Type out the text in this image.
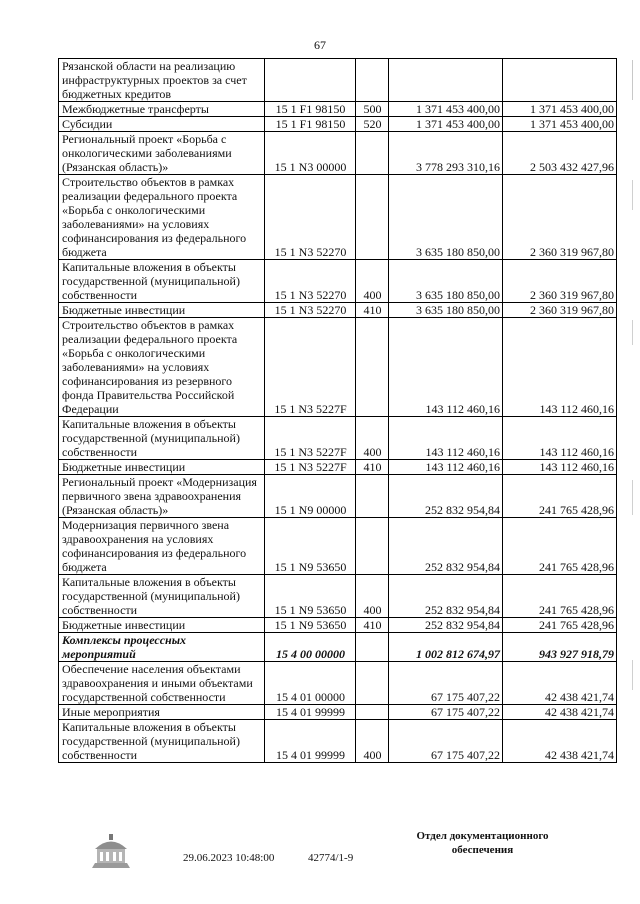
67
Рязанской области на реализацию инфраструктурных проектов за счет бюджетных кредитов				
Межбюджетные трансферты	15 1 F1 98150	500	1 371 453 400,00	1 371 453 400,00
Субсидии	15 1 F1 98150	520	1 371 453 400,00	1 371 453 400,00
Региональный проект «Борьба с онкологическими заболеваниями (Рязанская область)»	15 1 N3 00000		3 778 293 310,16	2 503 432 427,96
Строительство объектов в рамках реализации федерального проекта «Борьба с онкологическими заболеваниями» на условиях софинансирования из федерального бюджета	15 1 N3 52270		3 635 180 850,00	2 360 319 967,80
Капитальные вложения в объекты государственной (муниципальной) собственности	15 1 N3 52270	400	3 635 180 850,00	2 360 319 967,80
Бюджетные инвестиции	15 1 N3 52270	410	3 635 180 850,00	2 360 319 967,80
Строительство объектов в рамках реализации федерального проекта «Борьба с онкологическими заболеваниями» на условиях софинансирования из резервного фонда Правительства Российской Федерации	15 1 N3 5227F		143 112 460,16	143 112 460,16
Капитальные вложения в объекты государственной (муниципальной) собственности	15 1 N3 5227F	400	143 112 460,16	143 112 460,16
Бюджетные инвестиции	15 1 N3 5227F	410	143 112 460,16	143 112 460,16
Региональный проект «Модернизация первичного звена здравоохранения (Рязанская область)»	15 1 N9 00000		252 832 954,84	241 765 428,96
Модернизация первичного звена здравоохранения на условиях софинансирования из федерального бюджета	15 1 N9 53650		252 832 954,84	241 765 428,96
Капитальные вложения в объекты государственной (муниципальной) собственности	15 1 N9 53650	400	252 832 954,84	241 765 428,96
Бюджетные инвестиции	15 1 N9 53650	410	252 832 954,84	241 765 428,96
Комплексы процессных мероприятий	15 4 00 00000		1 002 812 674,97	943 927 918,79
Обеспечение населения объектами здравоохранения и иными объектами государственной собственности	15 4 01 00000		67 175 407,22	42 438 421,74
Иные мероприятия	15 4 01 99999		67 175 407,22	42 438 421,74
Капитальные вложения в объекты государственной (муниципальной) собственности	15 4 01 99999	400	67 175 407,22	42 438 421,74
29.06.2023 10:48:00	42774/1-9
Отдел документационного
обеспечения
